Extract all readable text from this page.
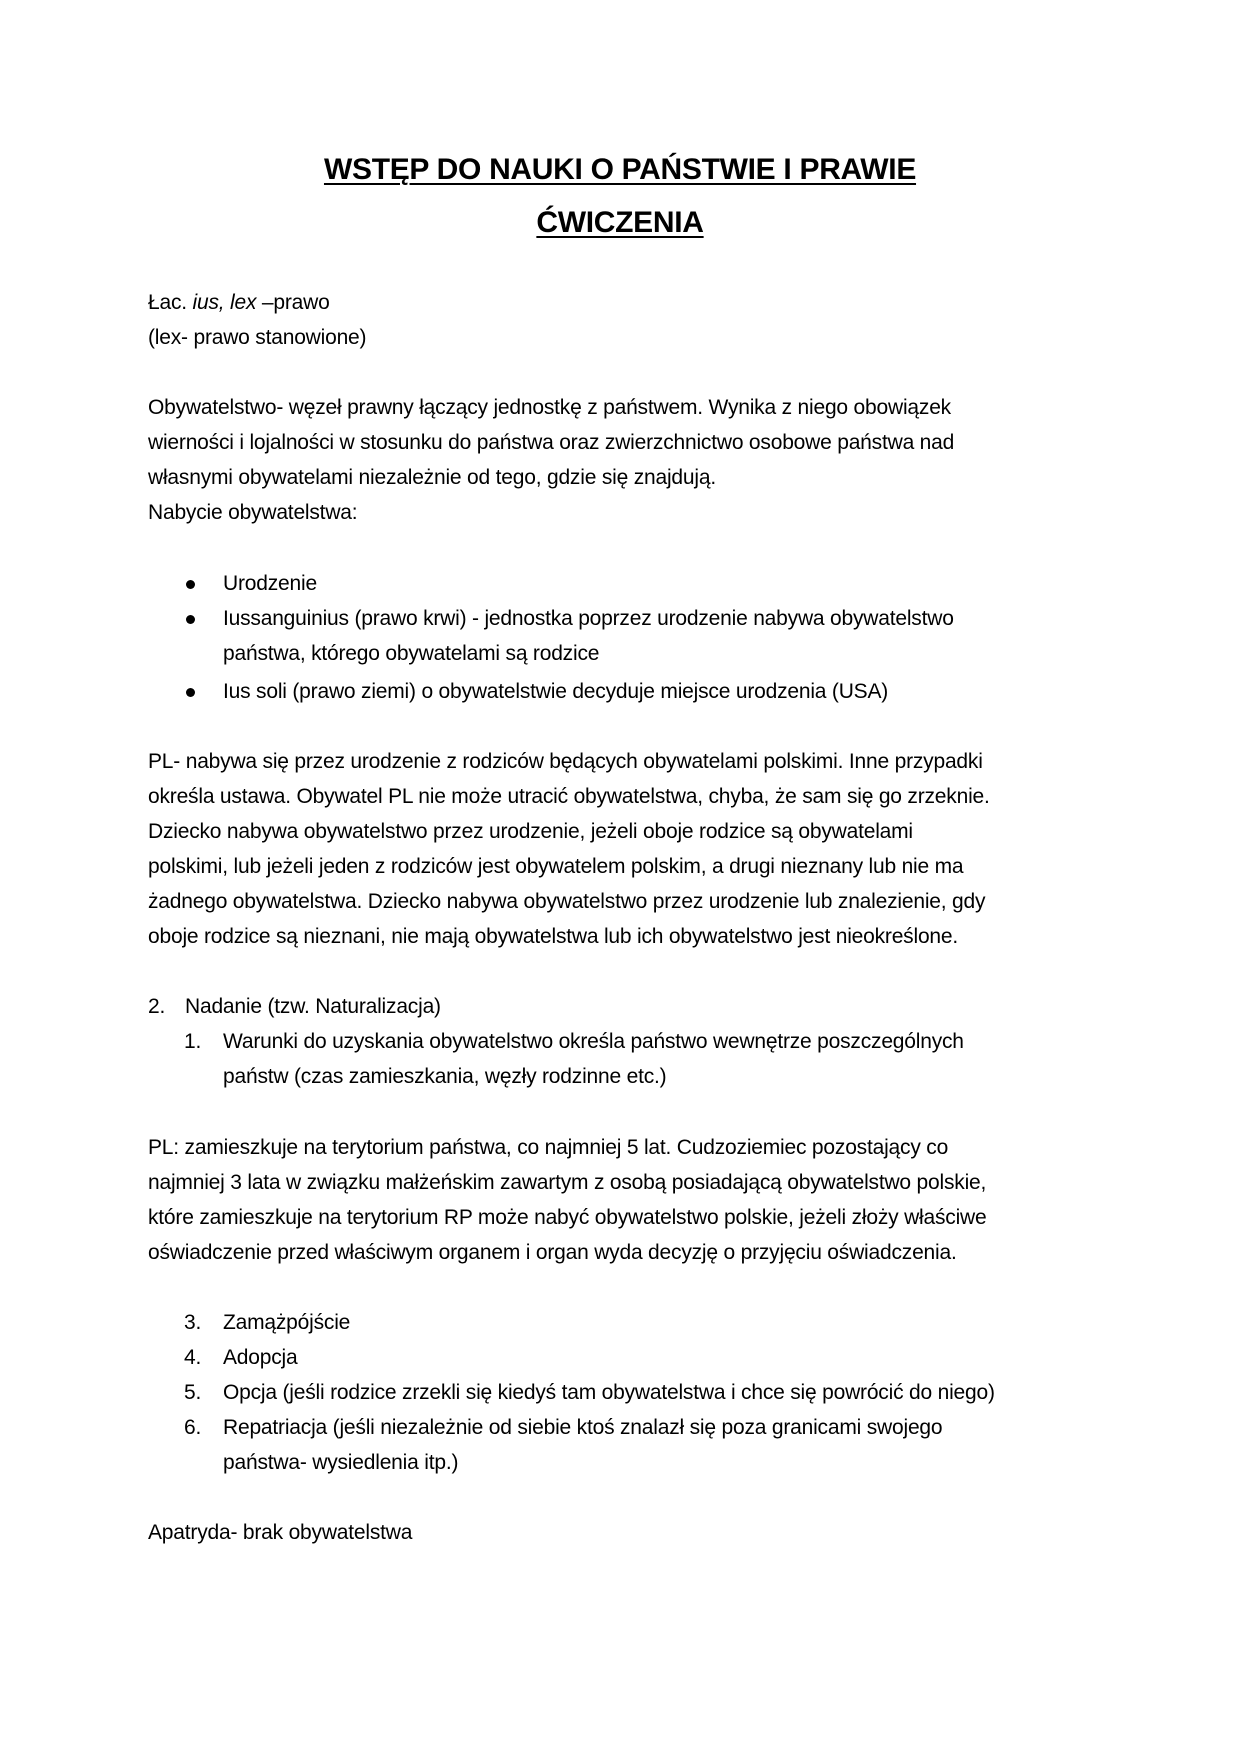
WSTĘP DO NAUKI O PAŃSTWIE I PRAWIE
ĆWICZENIA
Łac. ius, lex –prawo
(lex- prawo stanowione)
Obywatelstwo- węzeł prawny łączący jednostkę z państwem. Wynika z niego obowiązek
wierności i lojalności w stosunku do państwa oraz zwierzchnictwo osobowe państwa nad
własnymi obywatelami niezależnie od tego, gdzie się znajdują.
Nabycie obywatelstwa:
Urodzenie
Iussanguinius (prawo krwi) - jednostka poprzez urodzenie nabywa obywatelstwo
państwa, którego obywatelami są rodzice
Ius soli (prawo ziemi) o obywatelstwie decyduje miejsce urodzenia (USA)
PL- nabywa się przez urodzenie z rodziców będących obywatelami polskimi. Inne przypadki
określa ustawa. Obywatel PL nie może utracić obywatelstwa, chyba, że sam się go zrzeknie.
Dziecko nabywa obywatelstwo przez urodzenie, jeżeli oboje rodzice są obywatelami
polskimi, lub jeżeli jeden z rodziców jest obywatelem polskim, a drugi nieznany lub nie ma
żadnego obywatelstwa. Dziecko nabywa obywatelstwo przez urodzenie lub znalezienie, gdy
oboje rodzice są nieznani, nie mają obywatelstwa lub ich obywatelstwo jest nieokreślone.
2. Nadanie (tzw. Naturalizacja)
1. Warunki do uzyskania obywatelstwo określa państwo wewnętrze poszczególnych
państw (czas zamieszkania, węzły rodzinne etc.)
PL: zamieszkuje na terytorium państwa, co najmniej 5 lat. Cudzoziemiec pozostający co
najmniej 3 lata w związku małżeńskim zawartym z osobą posiadającą obywatelstwo polskie,
które zamieszkuje na terytorium RP może nabyć obywatelstwo polskie, jeżeli złoży właściwe
oświadczenie przed właściwym organem i organ wyda decyzję o przyjęciu oświadczenia.
3. Zamążpójście
4. Adopcja
5. Opcja (jeśli rodzice zrzekli się kiedyś tam obywatelstwa i chce się powrócić do niego)
6. Repatriacja (jeśli niezależnie od siebie ktoś znalazł się poza granicami swojego
państwa- wysiedlenia itp.)
Apatryda- brak obywatelstwa
